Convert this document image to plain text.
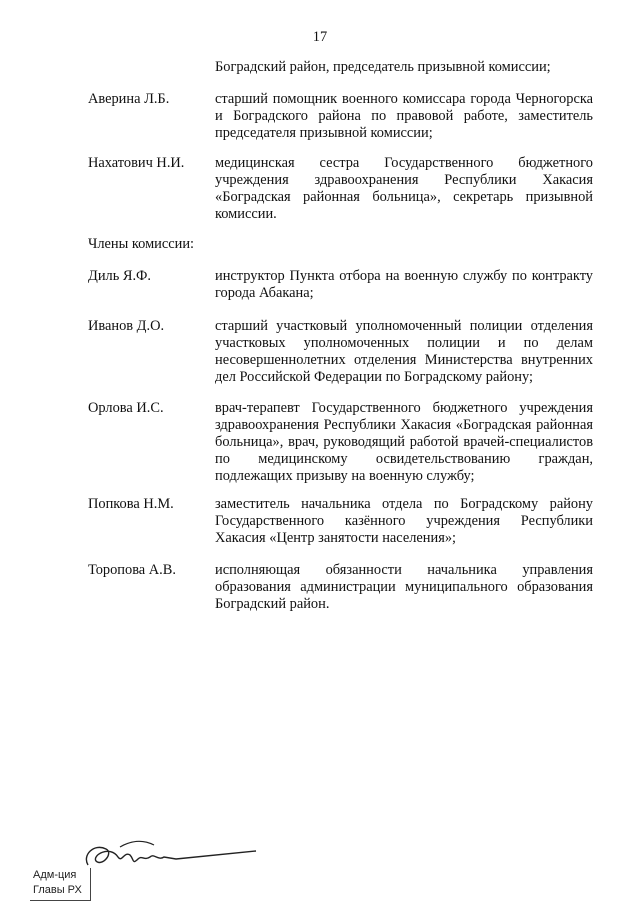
17
Боградский район, председатель призывной комиссии;
Аверина Л.Б.	старший помощник военного комиссара города Черногорска и Боградского района по правовой работе, заместитель председателя призывной комиссии;
Нахатович Н.И. медицинская сестра Государственного бюджетного учреждения здравоохранения Республики Хакасия «Боградская районная больница», секретарь призывной комиссии.
Члены комиссии:
Диль Я.Ф.	инструктор Пункта отбора на военную службу по контракту города Абакана;
Иванов Д.О.	старший участковый уполномоченный полиции отделения участковых уполномоченных полиции и по делам несовершеннолетних отделения Министерства внутренних дел Российской Федерации по Боградскому району;
Орлова И.С.	врач-терапевт Государственного бюджетного учреждения здравоохранения Республики Хакасия «Боградская районная больница», врач, руководящий работой врачей-специалистов по медицинскому освидетельствованию граждан, подлежащих призыву на военную службу;
Попкова Н.М.	заместитель начальника отдела по Боградскому району Государственного казённого учреждения Республики Хакасия «Центр занятости населения»;
Торопова А.В.	исполняющая обязанности начальника управления образования администрации муниципального образования Боградский район.
Адм-ция
Главы РХ
